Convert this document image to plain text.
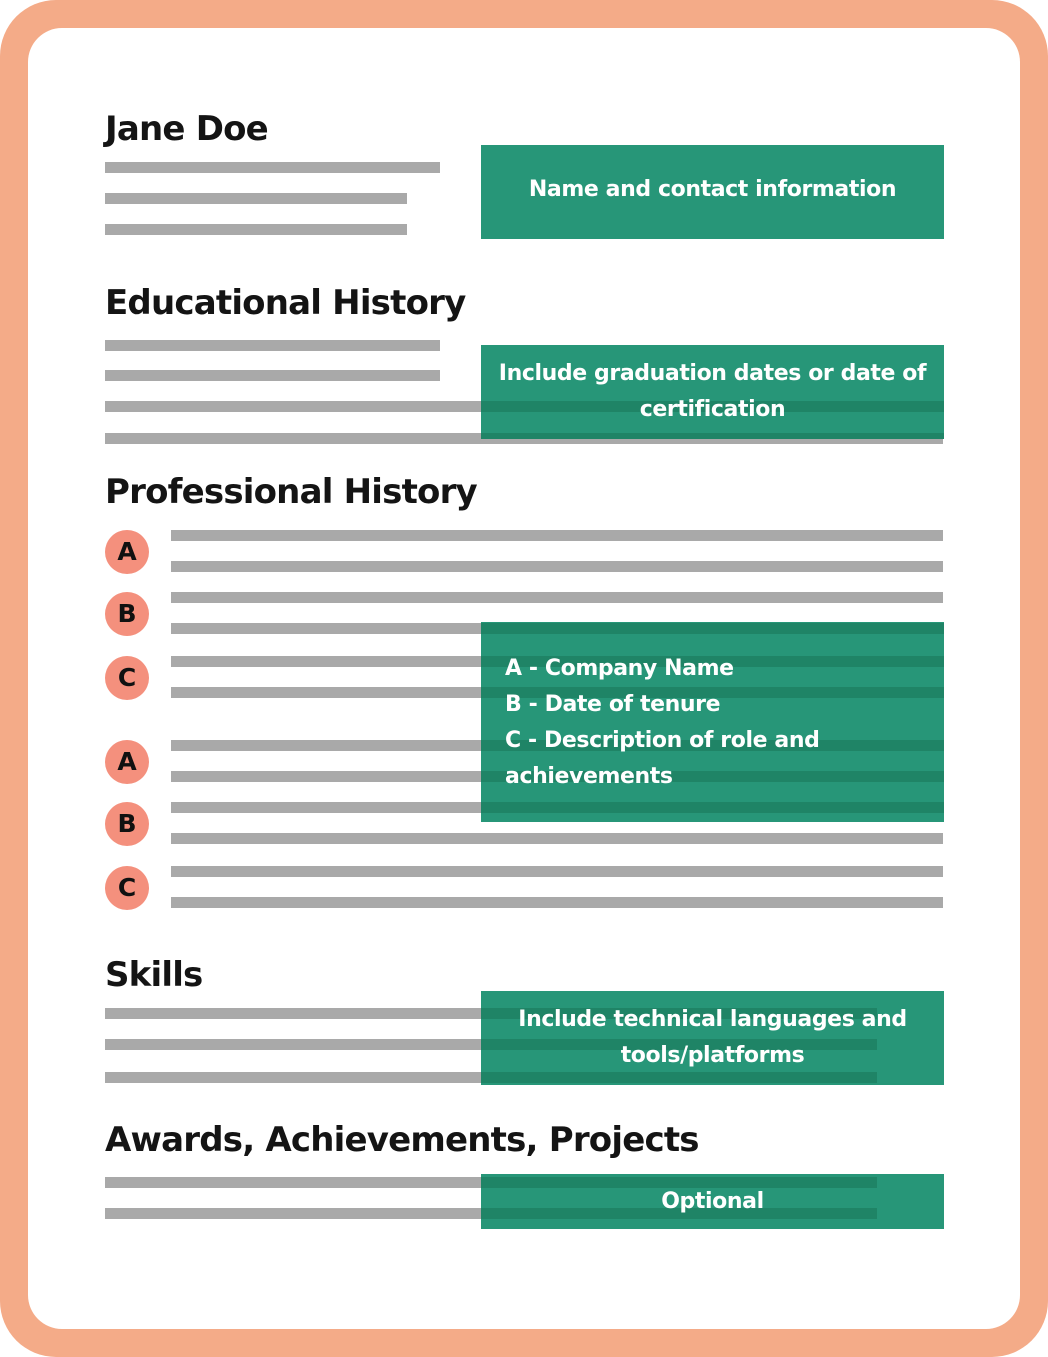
Jane Doe
Name and contact information
Educational History
Include graduation dates or date of
certification
Professional History
A
B
C
A
B
C
A - Company Name
B - Date of tenure
C - Description of role and
achievements
Skills
Include technical languages and
tools/platforms
Awards, Achievements, Projects
Optional
